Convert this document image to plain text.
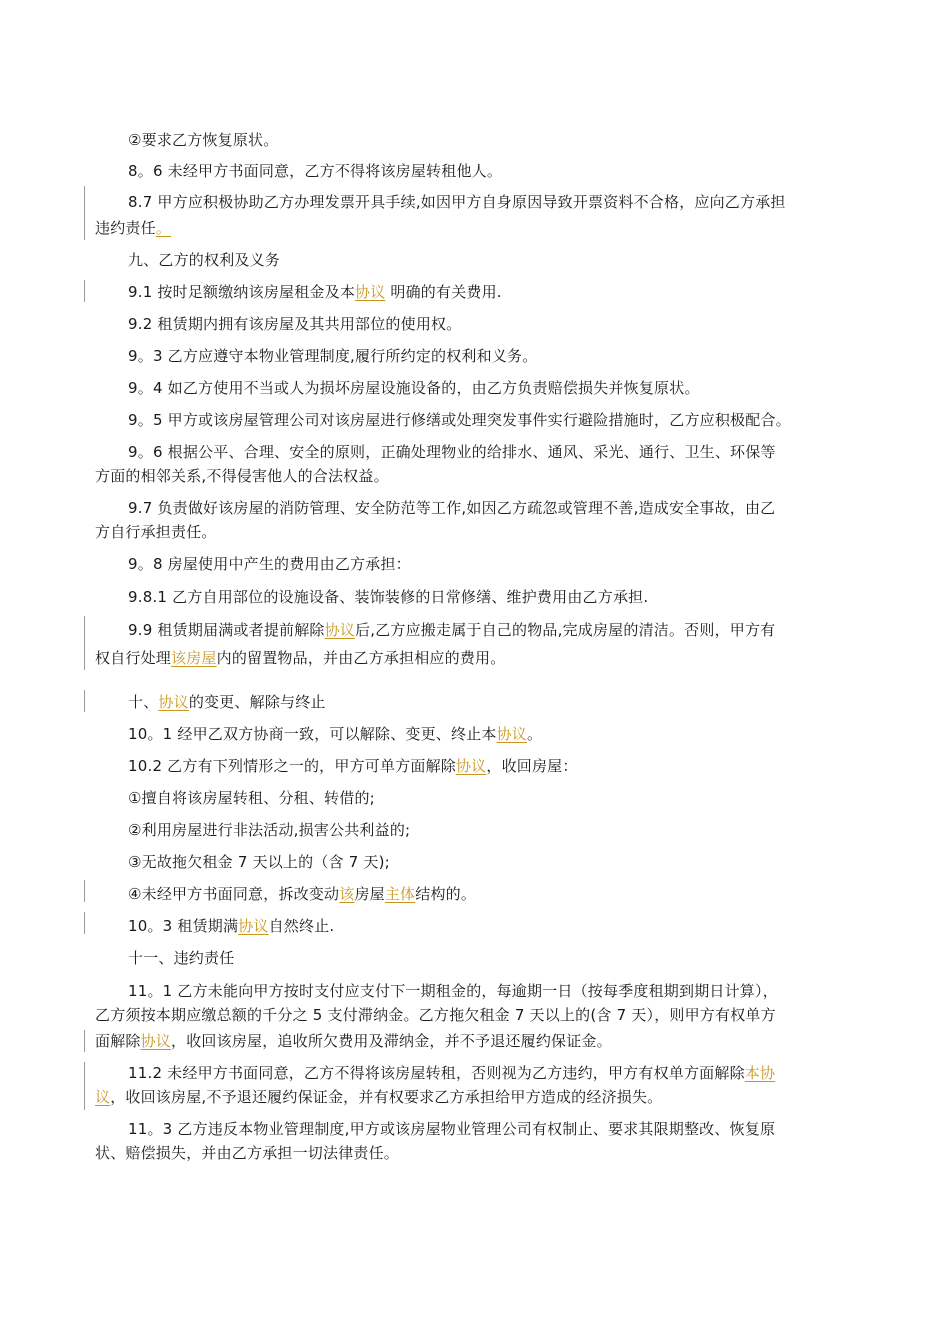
②要求乙方恢复原状。
8。6 未经甲方书面同意，乙方不得将该房屋转租他人。
8.7 甲方应积极协助乙方办理发票开具手续,如因甲方自身原因导致开票资料不合格，应向乙方承担
违约责任。
九、乙方的权利及义务
9.1 按时足额缴纳该房屋租金及本协议 明确的有关费用.
9.2 租赁期内拥有该房屋及其共用部位的使用权。
9。3 乙方应遵守本物业管理制度,履行所约定的权利和义务。
9。4 如乙方使用不当或人为损坏房屋设施设备的，由乙方负责赔偿损失并恢复原状。
9。5 甲方或该房屋管理公司对该房屋进行修缮或处理突发事件实行避险措施时，乙方应积极配合。
9。6 根据公平、合理、安全的原则，正确处理物业的给排水、通风、采光、通行、卫生、环保等
方面的相邻关系,不得侵害他人的合法权益。
9.7 负责做好该房屋的消防管理、安全防范等工作,如因乙方疏忽或管理不善,造成安全事故，由乙
方自行承担责任。
9。8 房屋使用中产生的费用由乙方承担：
9.8.1 乙方自用部位的设施设备、装饰装修的日常修缮、维护费用由乙方承担.
9.9 租赁期届满或者提前解除协议后,乙方应搬走属于自己的物品,完成房屋的清洁。否则，甲方有
权自行处理该房屋内的留置物品，并由乙方承担相应的费用。
十、协议的变更、解除与终止
10。1 经甲乙双方协商一致，可以解除、变更、终止本协议。
10.2 乙方有下列情形之一的，甲方可单方面解除协议，收回房屋：
①擅自将该房屋转租、分租、转借的;
②利用房屋进行非法活动,损害公共利益的;
③无故拖欠租金 7 天以上的（含 7 天);
④未经甲方书面同意，拆改变动该房屋主体结构的。
10。3 租赁期满协议自然终止.
十一、违约责任
11。1 乙方未能向甲方按时支付应支付下一期租金的，每逾期一日（按每季度租期到期日计算），
乙方须按本期应缴总额的千分之 5 支付滞纳金。乙方拖欠租金 7 天以上的(含 7 天），则甲方有权单方
面解除协议，收回该房屋，追收所欠费用及滞纳金，并不予退还履约保证金。
11.2 未经甲方书面同意，乙方不得将该房屋转租，否则视为乙方违约，甲方有权单方面解除本协
议，收回该房屋,不予退还履约保证金，并有权要求乙方承担给甲方造成的经济损失。
11。3 乙方违反本物业管理制度,甲方或该房屋物业管理公司有权制止、要求其限期整改、恢复原
状、赔偿损失，并由乙方承担一切法律责任。
